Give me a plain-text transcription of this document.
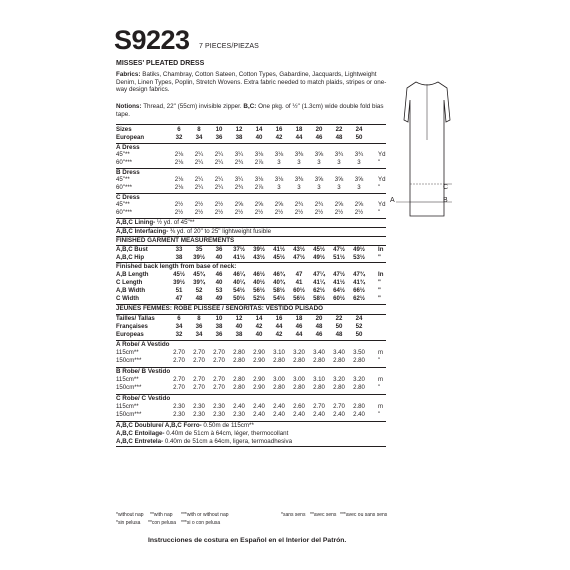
S9223 7 PIECES/PIEZAS
MISSES' PLEATED DRESS
Fabrics: Batiks, Chambray, Cotton Sateen, Cotton Types, Gabardine, Jacquards, Lightweight Denim, Linen Types, Poplin, Stretch Wovens. Extra fabric needed to match plaids, stripes or one-way design fabrics.
Notions: Thread, 22" (55cm) invisible zipper. B,C: One pkg. of ½" (1.3cm) wide double fold bias tape.
Sizes	6	8	10	12	14	16	18	20	22	24
European	32	34	36	38	40	42	44	46	48	50
A Dress
45"**	2⅛	2¼	2¼	3¼	3⅛	3⅛	3⅜	3⅝	3¾	3¾	Yd
60"***	2⅛	2¼	2¼	2¾	2⅞	3	3	3	3	3	"
B Dress
45"**	2⅛	2¼	2¼	3¼	3⅛	3⅛	3⅜	3⅝	3⅝	3⅝	Yd
60"***	2⅛	2¼	2¼	2¾	2⅞	3	3	3	3	3	"
C Dress
45"**	2½	2½	2½	2⅝	2⅝	2⅝	2¾	2¾	2⅝	2⅝	Yd
60"***	2½	2½	2½	2½	2½	2½	2½	2½	2½	2½	"
A,B,C Lining- ½ yd. of 45"**
A,B,C Interfacing- ⅜ yd. of 20" to 25" lightweight fusible
FINISHED GARMENT MEASUREMENTS
A,B,C Bust	33	35	36	37½	39½	41½	43½	45½	47½	49½	In
A,B,C Hip	38	39½	40	41½	43½	45½	47½	49½	51½	53½	"
Finished back length from base of neck:
A,B Length	45½	45¾	46	46¼	46½	46¾	47	47¼	47½	47¾	In
C Length	39½	39¾	40	40¼	40½	40¾	41	41¼	41½	41¾	"
A,B Width	51	52	53	54½	56½	58½	60½	62½	64½	66½	"
C Width	47	48	49	50½	52½	54½	56½	58½	60½	62½	"
JEUNES FEMMES: ROBE PLISSÉE / SEÑORITAS: VESTIDO PLISADO
Tailles/ Tallas	6	8	10	12	14	16	18	20	22	24
Françaises	34	36	38	40	42	44	46	48	50	52
Europeas	32	34	36	38	40	42	44	46	48	50
A Robe/ A Vestido
115cm**	2.70	2.70	2.70	2.80	2.90	3.10	3.20	3.40	3.40	3.50	m
150cm***	2.70	2.70	2.70	2.80	2.90	2.80	2.80	2.80	2.80	2.80	"
B Robe/ B Vestido
115cm**	2.70	2.70	2.70	2.80	2.90	3.00	3.00	3.10	3.20	3.20	m
150cm***	2.70	2.70	2.70	2.80	2.90	2.80	2.80	2.80	2.80	2.80	"
C Robe/ C Vestido
115cm**	2.30	2.30	2.30	2.40	2.40	2.40	2.60	2.70	2.70	2.80	m
150cm***	2.30	2.30	2.30	2.30	2.40	2.40	2.40	2.40	2.40	2.40	"
A,B,C Doublure/ A,B,C Forro- 0.50m de 115cm**
A,B,C Entoilage- 0.40m de 51cm à 64cm, léger, thermocollant
A,B,C Entretela- 0.40m de 51cm a 64cm, ligera, termoadhesiva
C
B
A
*without nap **with nap ***with or without nap	*sans sens **avec sens ***avec ou sans sens
*sin pelusa **con pelusa ***si o con pelusa
Instrucciones de costura en Español en el Interior del Patrón.
